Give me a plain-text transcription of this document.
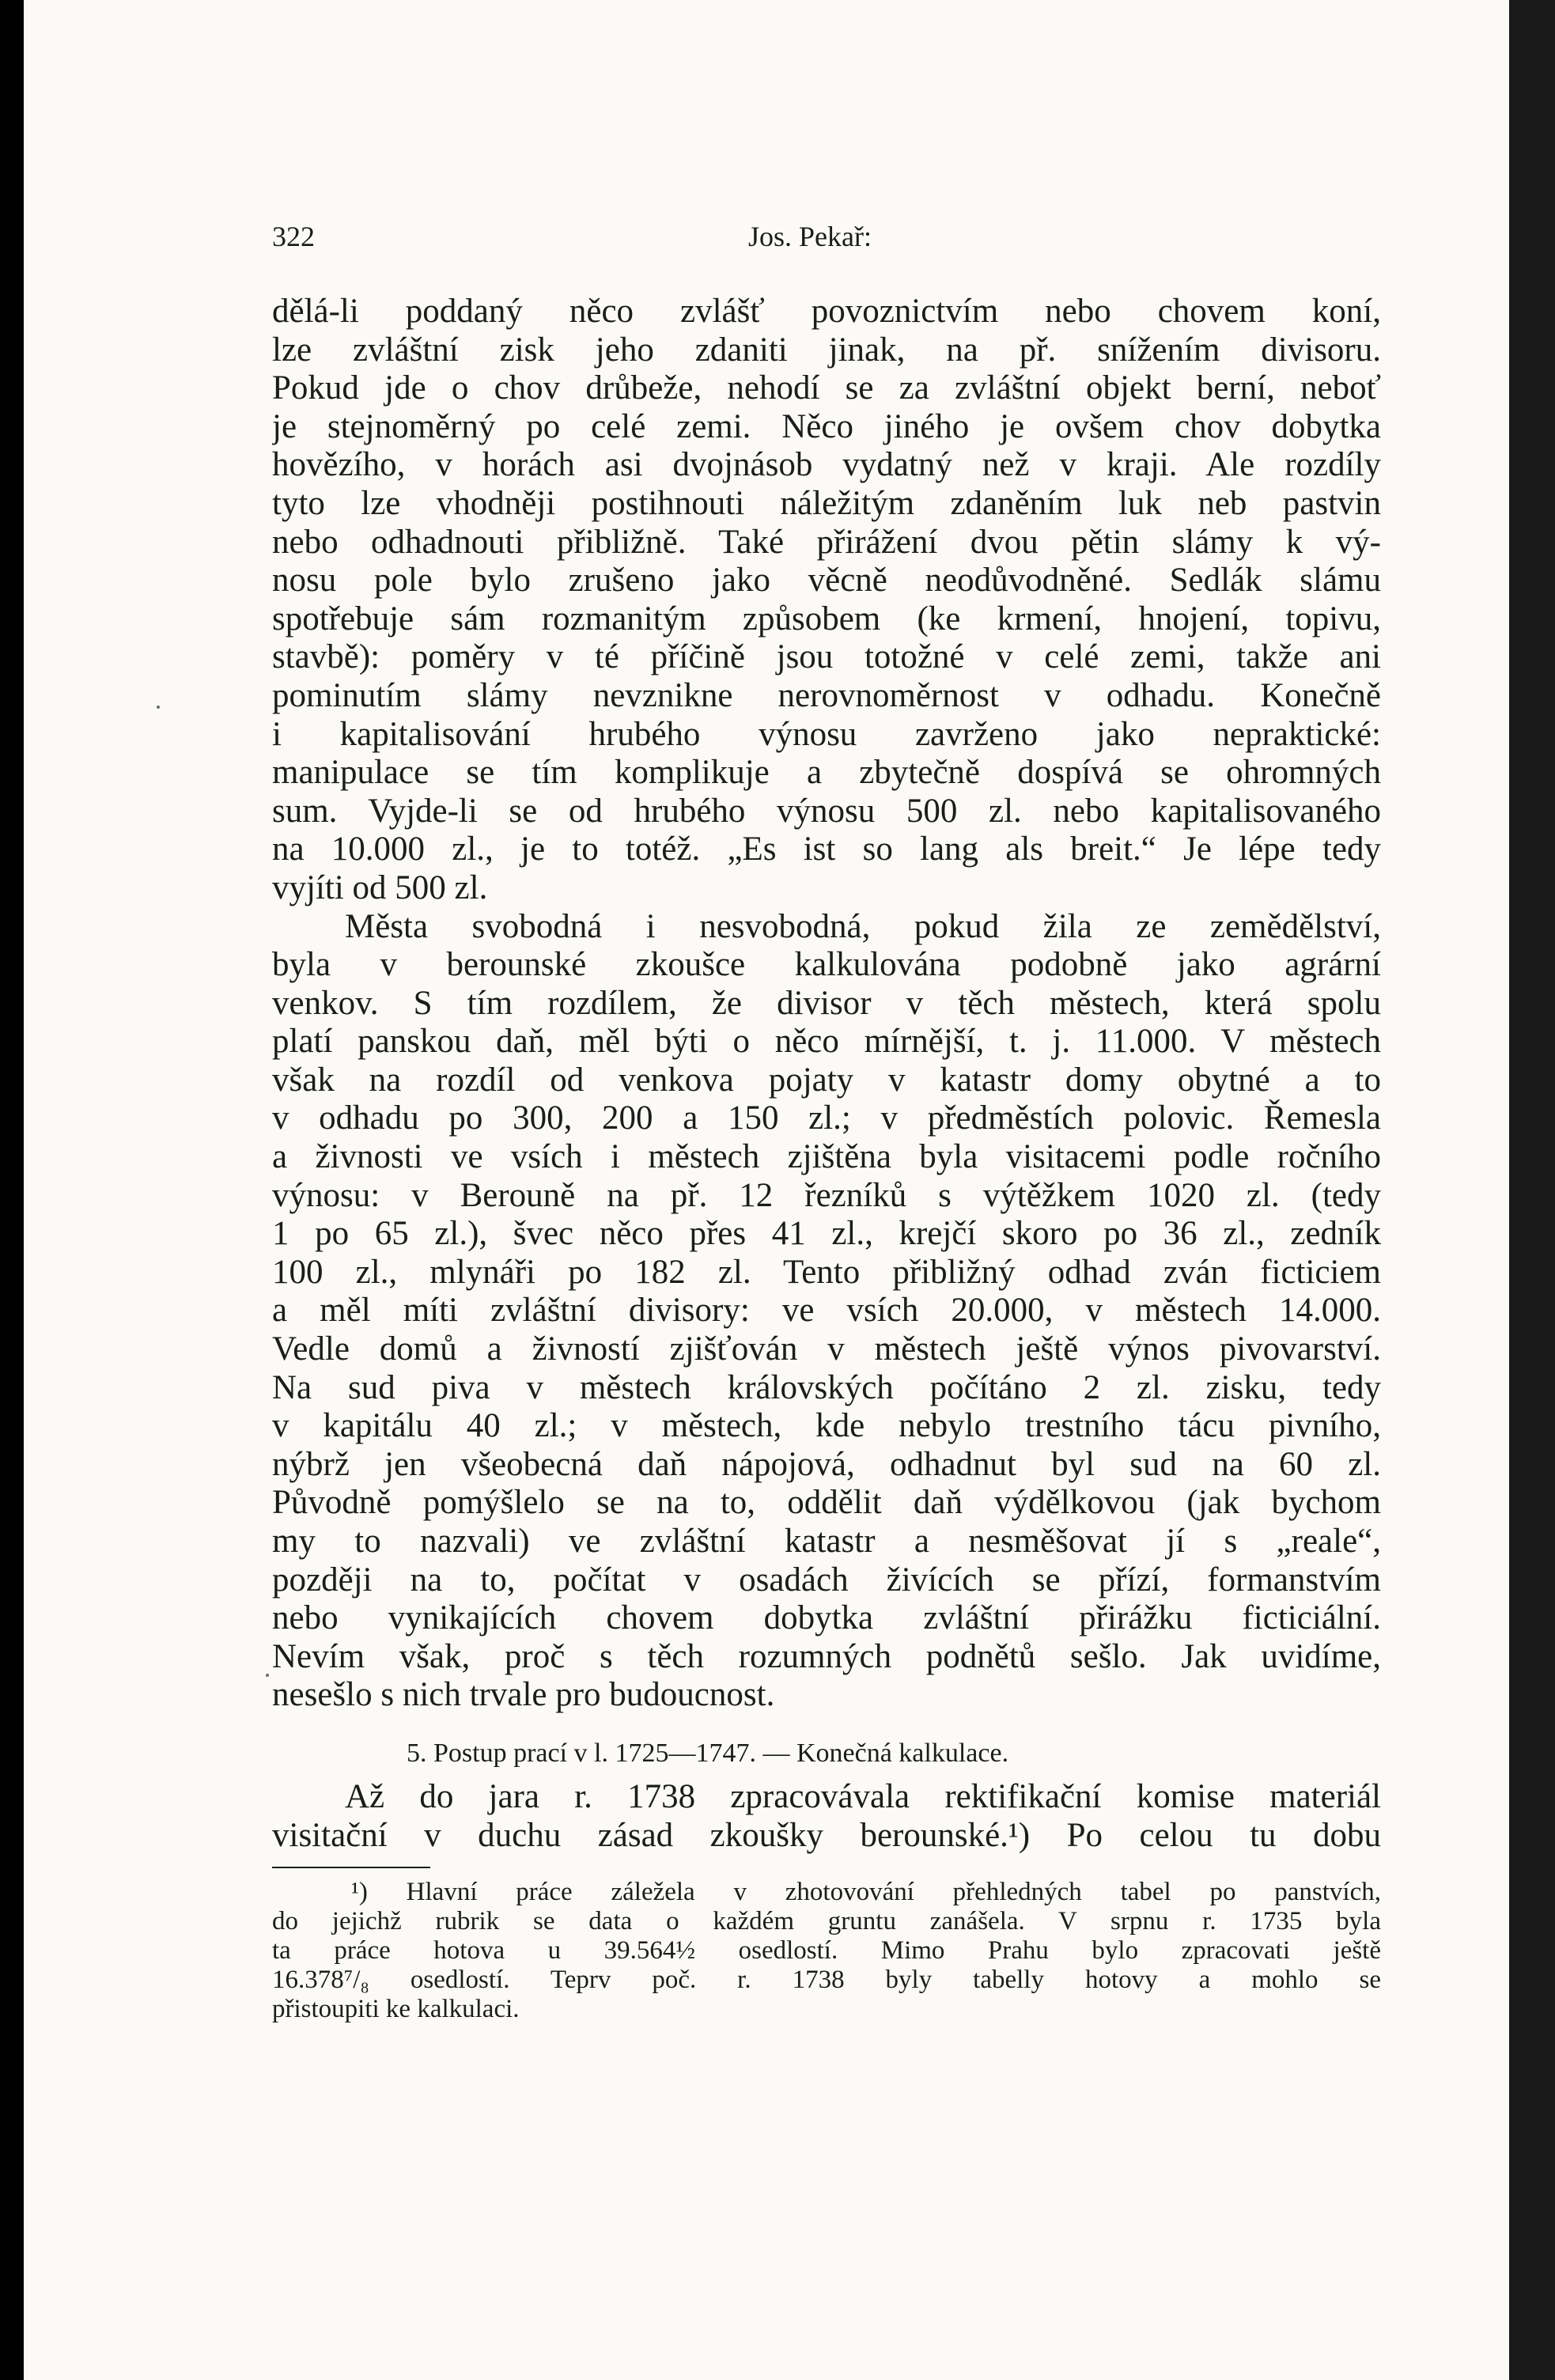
322	Jos. Pekař:
dělá-li poddaný něco zvlášť povoznictvím nebo chovem koní,
lze zvláštní zisk jeho zdaniti jinak, na př. snížením divisoru.
Pokud jde o chov drůbeže, nehodí se za zvláštní objekt berní, neboť
je stejnoměrný po celé zemi. Něco jiného je ovšem chov dobytka
hovězího, v horách asi dvojnásob vydatný než v kraji. Ale rozdíly
tyto lze vhodněji postihnouti náležitým zdaněním luk neb pastvin
nebo odhadnouti přibližně. Také přirážení dvou pětin slámy k vý-
nosu pole bylo zrušeno jako věcně neodůvodněné. Sedlák slámu
spotřebuje sám rozmanitým způsobem (ke krmení, hnojení, topivu,
stavbě): poměry v té příčině jsou totožné v celé zemi, takže ani
pominutím slámy nevznikne nerovnoměrnost v odhadu. Konečně
i kapitalisování hrubého výnosu zavrženo jako nepraktické:
manipulace se tím komplikuje a zbytečně dospívá se ohromných
sum. Vyjde-li se od hrubého výnosu 500 zl. nebo kapitalisovaného
na 10.000 zl., je to totéž. „Es ist so lang als breit.“ Je lépe tedy
vyjíti od 500 zl.
Města svobodná i nesvobodná, pokud žila ze zemědělství,
byla v berounské zkoušce kalkulována podobně jako agrární
venkov. S tím rozdílem, že divisor v těch městech, která spolu
platí panskou daň, měl býti o něco mírnější, t. j. 11.000. V městech
však na rozdíl od venkova pojaty v katastr domy obytné a to
v odhadu po 300, 200 a 150 zl.; v předměstích polovic. Řemesla
a živnosti ve vsích i městech zjištěna byla visitacemi podle ročního
výnosu: v Berouně na př. 12 řezníků s výtěžkem 1020 zl. (tedy
1 po 65 zl.), švec něco přes 41 zl., krejčí skoro po 36 zl., zedník
100 zl., mlynáři po 182 zl. Tento přibližný odhad zván ficticiem
a měl míti zvláštní divisory: ve vsích 20.000, v městech 14.000.
Vedle domů a živností zjišťován v městech ještě výnos pivovarství.
Na sud piva v městech královských počítáno 2 zl. zisku, tedy
v kapitálu 40 zl.; v městech, kde nebylo trestního tácu pivního,
nýbrž jen všeobecná daň nápojová, odhadnut byl sud na 60 zl.
Původně pomýšlelo se na to, oddělit daň výdělkovou (jak bychom
my to nazvali) ve zvláštní katastr a nesměšovat jí s „reale“,
později na to, počítat v osadách živících se přízí, formanstvím
nebo vynikajících chovem dobytka zvláštní přirážku ficticiální.
Nevím však, proč s těch rozumných podnětů sešlo. Jak uvidíme,
nesešlo s nich trvale pro budoucnost.
5. Postup prací v l. 1725—1747. — Konečná kalkulace.
Až do jara r. 1738 zpracovávala rektifikační komise materiál
visitační v duchu zásad zkoušky berounské.¹) Po celou tu dobu
¹) Hlavní práce záležela v zhotovování přehledných tabel po panstvích,
do jejichž rubrik se data o každém gruntu zanášela. V srpnu r. 1735 byla
ta práce hotova u 39.564½ osedlostí. Mimo Prahu bylo zpracovati ještě
16.378⁷/₈ osedlostí. Teprv poč. r. 1738 byly tabelly hotovy a mohlo se
přistoupiti ke kalkulaci.
